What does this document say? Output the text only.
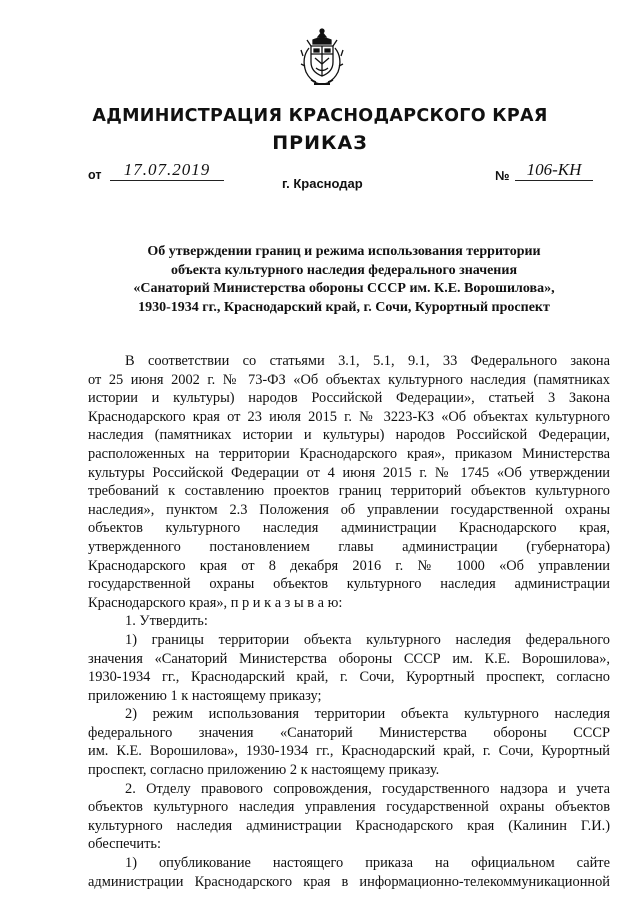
АДМИНИСТРАЦИЯ КРАСНОДАРСКОГО КРАЯ
ПРИКАЗ
от	17.07.2019
г. Краснодар
№	106-КН
Об утверждении границ и режима использования территории
объекта культурного наследия федерального значения
«Санаторий Министерства обороны СССР им. К.Е. Ворошилова»,
1930-1934 гг., Краснодарский край, г. Сочи, Курортный проспект
В соответствии со статьями 3.1, 5.1, 9.1, 33 Федерального закона
от 25 июня 2002 г. № 73-ФЗ «Об объектах культурного наследия (памятниках
истории и культуры) народов Российской Федерации», статьей 3 Закона
Краснодарского края от 23 июля 2015 г. № 3223-КЗ «Об объектах культурного
наследия (памятниках истории и культуры) народов Российской Федерации,
расположенных на территории Краснодарского края», приказом Министерства
культуры Российской Федерации от 4 июня 2015 г. № 1745 «Об утверждении
требований к составлению проектов границ территорий объектов культурного
наследия», пунктом 2.3 Положения об управлении государственной охраны
объектов культурного наследия администрации Краснодарского края,
утвержденного постановлением главы администрации (губернатора)
Краснодарского края от 8 декабря 2016 г. № 1000 «Об управлении
государственной охраны объектов культурного наследия администрации
Краснодарского края», п р и к а з ы в а ю:
1. Утвердить:
1) границы территории объекта культурного наследия федерального
значения «Санаторий Министерства обороны СССР им. К.Е. Ворошилова»,
1930-1934 гг., Краснодарский край, г. Сочи, Курортный проспект, согласно
приложению 1 к настоящему приказу;
2) режим использования территории объекта культурного наследия
федерального значения «Санаторий Министерства обороны СССР
им. К.Е. Ворошилова», 1930-1934 гг., Краснодарский край, г. Сочи, Курортный
проспект, согласно приложению 2 к настоящему приказу.
2. Отделу правового сопровождения, государственного надзора и учета
объектов культурного наследия управления государственной охраны объектов
культурного наследия администрации Краснодарского края (Калинин Г.И.)
обеспечить:
1) опубликование настоящего приказа на официальном сайте
администрации Краснодарского края в информационно-телекоммуникационной
